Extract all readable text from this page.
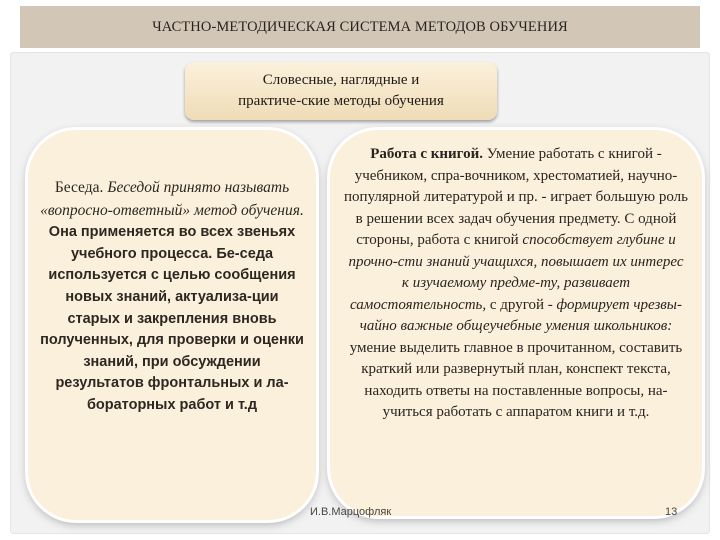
ЧАСТНО-МЕТОДИЧЕСКАЯ СИСТЕМА МЕТОДОВ ОБУЧЕНИЯ
Словесные, наглядные и
практиче-ские методы обучения
Беседа. Беседой принято называть «вопросно-ответный» метод обучения. Она применяется во всех звеньях учебного процесса. Бе-седа используется с целью сообщения новых знаний, актуализа-ции старых и закрепления вновь полученных, для проверки и оценки знаний, при обсуждении результатов фронтальных и ла-бораторных работ и т.д
Работа с книгой. Умение работать с книгой - учебником, спра-вочником, хрестоматией, научно-популярной литературой и пр. - играет большую роль в решении всех задач обучения предмету. С одной стороны, работа с книгой способствует глубине и прочно-сти знаний учащихся, повышает их интерес к изучаемому предме-ту, развивает самостоятельность, с другой - формирует чрезвы-чайно важные общеучебные умения школьников: умение выделить главное в прочитанном, составить краткий или развернутый план, конспект текста, находить ответы на поставленные вопросы, на-учиться работать с аппаратом книги и т.д.
И.В.Марцофляк	13
